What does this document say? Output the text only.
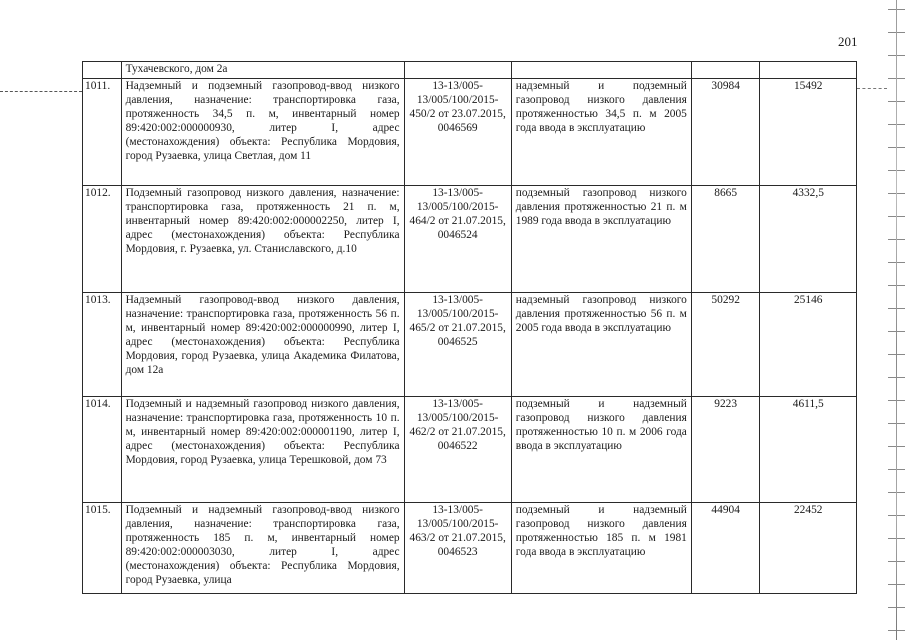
201
	Тухачевского, дом 2а				
1011.	Надземный и подземный газопровод-ввод низкого давления, назначение: транспортировка газа, протяженность 34,5 п. м, инвентарный номер 89:420:002:000000930, литер I, адрес (местонахождения) объекта: Республика Мордовия, город Рузаевка, улица Светлая, дом 11	13-13/005-13/005/100/2015-450/2 от 23.07.2015, 0046569	надземный и подземный газопровод низкого давления протяженностью 34,5 п. м 2005 года ввода в эксплуатацию	30984	15492
1012.	Подземный газопровод низкого давления, назначение: транспортировка газа, протяженность 21 п. м, инвентарный номер 89:420:002:000002250, литер I, адрес (местонахождения) объекта: Республика Мордовия, г. Рузаевка, ул. Станиславского, д.10	13-13/005-13/005/100/2015-464/2 от 21.07.2015, 0046524	подземный газопровод низкого давления протяженностью 21 п. м 1989 года ввода в эксплуатацию	8665	4332,5
1013.	Надземный газопровод-ввод низкого давления, назначение: транспортировка газа, протяженность 56 п. м, инвентарный номер 89:420:002:000000990, литер I, адрес (местонахождения) объекта: Республика Мордовия, город Рузаевка, улица Академика Филатова, дом 12а	13-13/005-13/005/100/2015-465/2 от 21.07.2015, 0046525	надземный газопровод низкого давления протяженностью 56 п. м 2005 года ввода в эксплуатацию	50292	25146
1014.	Подземный и надземный газопровод низкого давления, назначение: транспортировка газа, протяженность 10 п. м, инвентарный номер 89:420:002:000001190, литер I, адрес (местонахождения) объекта: Республика Мордовия, город Рузаевка, улица Терешковой, дом 73	13-13/005-13/005/100/2015-462/2 от 21.07.2015, 0046522	подземный и надземный газопровод низкого давления протяженностью 10 п. м 2006 года ввода в эксплуатацию	9223	4611,5
1015.	Подземный и надземный газопровод-ввод низкого давления, назначение: транспортировка газа, протяженность 185 п. м, инвентарный номер 89:420:002:000003030, литер I, адрес (местонахождения) объекта: Республика Мордовия, город Рузаевка, улица	13-13/005-13/005/100/2015-463/2 от 21.07.2015, 0046523	подземный и надземный газопровод низкого давления протяженностью 185 п. м 1981 года ввода в эксплуатацию	44904	22452
